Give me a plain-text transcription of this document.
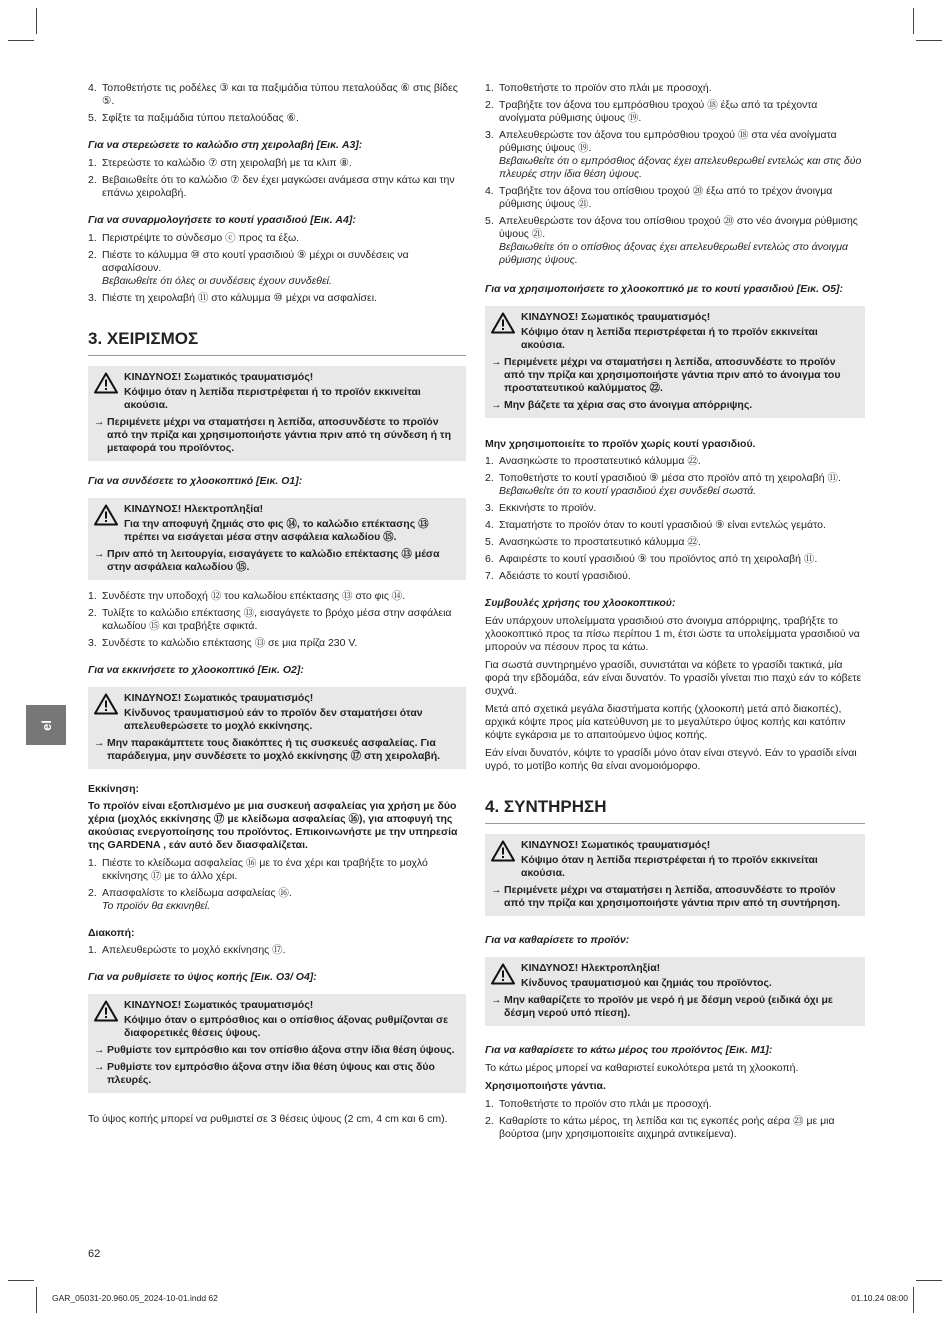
el
4. Τοποθετήστε τις ροδέλες ③ και τα παξιμάδια τύπου πεταλούδας ⑥ στις βίδες ⑤.
5. Σφίξτε τα παξιμάδια τύπου πεταλούδας ⑥.
Για να στερεώσετε το καλώδιο στη χειρολαβή [Εικ. A3]:
1. Στερεώστε το καλώδιο ⑦ στη χειρολαβή με τα κλιπ ⑧.
2. Βεβαιωθείτε ότι το καλώδιο ⑦ δεν έχει μαγκώσει ανάμεσα στην κάτω και την επάνω χειρολαβή.
Για να συναρμολογήσετε το κουτί γρασιδιού [Εικ. A4]:
1. Περιστρέψτε το σύνδεσμο ⓒ προς τα έξω.
2. Πιέστε το κάλυμμα ⑩ στο κουτί γρασιδιού ⑨ μέχρι οι συνδέσεις να ασφαλίσουν.
Βεβαιωθείτε ότι όλες οι συνδέσεις έχουν συνδεθεί.
3. Πιέστε τη χειρολαβή ⑪ στο κάλυμμα ⑩ μέχρι να ασφαλίσει.
3. ΧΕΙΡΙΣΜΟΣ
ΚΙΝΔΥΝΟΣ! Σωματικός τραυματισμός!
Κόψιμο όταν η λεπίδα περιστρέφεται ή το προϊόν εκκινείται ακούσια.
→ Περιμένετε μέχρι να σταματήσει η λεπίδα, αποσυνδέστε το προϊόν από την πρίζα και χρησιμοποιήστε γάντια πριν από τη σύνδεση ή τη μεταφορά του προϊόντος.
Για να συνδέσετε το χλοοκοπτικό [Εικ. O1]:
ΚΙΝΔΥΝΟΣ! Ηλεκτροπληξία!
Για την αποφυγή ζημιάς στο φις ⑭, το καλώδιο επέκτασης ⑬ πρέπει να εισάγεται μέσα στην ασφάλεια καλωδίου ⑮.
→ Πριν από τη λειτουργία, εισαγάγετε το καλώδιο επέκτασης ⑬ μέσα στην ασφάλεια καλωδίου ⑮.
1. Συνδέστε την υποδοχή ⑫ του καλωδίου επέκτασης ⑬ στο φις ⑭.
2. Τυλίξτε το καλώδιο επέκτασης ⑬, εισαγάγετε το βρόχο μέσα στην ασφάλεια καλωδίου ⑮ και τραβήξτε σφικτά.
3. Συνδέστε το καλώδιο επέκτασης ⑬ σε μια πρίζα 230 V.
Για να εκκινήσετε το χλοοκοπτικό [Εικ. O2]:
ΚΙΝΔΥΝΟΣ! Σωματικός τραυματισμός!
Κίνδυνος τραυματισμού εάν το προϊόν δεν σταματήσει όταν απελευθερώσετε το μοχλό εκκίνησης.
→ Μην παρακάμπτετε τους διακόπτες ή τις συσκευές ασφαλείας. Για παράδειγμα, μην συνδέσετε το μοχλό εκκίνησης ⑰ στη χειρολαβή.
Εκκίνηση:
Το προϊόν είναι εξοπλισμένο με μια συσκευή ασφαλείας για χρήση με δύο χέρια (μοχλός εκκίνησης ⑰ με κλείδωμα ασφαλείας ⑯), για αποφυγή της ακούσιας ενεργοποίησης του προϊόντος. Επικοινωνήστε με την υπηρεσία της GARDENA , εάν αυτό δεν διασφαλίζεται.
1. Πιέστε το κλείδωμα ασφαλείας ⑯ με το ένα χέρι και τραβήξτε το μοχλό εκκίνησης ⑰ με το άλλο χέρι.
2. Απασφαλίστε το κλείδωμα ασφαλείας ⑯.
Το προϊόν θα εκκινηθεί.
Διακοπή:
1. Απελευθερώστε το μοχλό εκκίνησης ⑰.
Για να ρυθμίσετε το ύψος κοπής [Εικ. O3/ O4]:
ΚΙΝΔΥΝΟΣ! Σωματικός τραυματισμός!
Κόψιμο όταν ο εμπρόσθιος και ο οπίσθιος άξονας ρυθμίζονται σε διαφορετικές θέσεις ύψους.
→ Ρυθμίστε τον εμπρόσθιο και τον οπίσθιο άξονα στην ίδια θέση ύψους.
→ Ρυθμίστε τον εμπρόσθιο άξονα στην ίδια θέση ύψους και στις δύο πλευρές.
Το ύψος κοπής μπορεί να ρυθμιστεί σε 3 θέσεις ύψους (2 cm, 4 cm και 6 cm).
1. Τοποθετήστε το προϊόν στο πλάι με προσοχή.
2. Τραβήξτε τον άξονα του εμπρόσθιου τροχού ⑱ έξω από τα τρέχοντα ανοίγματα ρύθμισης ύψους ⑲.
3. Απελευθερώστε τον άξονα του εμπρόσθιου τροχού ⑱ στα νέα ανοίγματα ρύθμισης ύψους ⑲.
Βεβαιωθείτε ότι ο εμπρόσθιος άξονας έχει απελευθερωθεί εντελώς και στις δύο πλευρές στην ίδια θέση ύψους.
4. Τραβήξτε τον άξονα του οπίσθιου τροχού ⑳ έξω από το τρέχον άνοιγμα ρύθμισης ύψους ㉑.
5. Απελευθερώστε τον άξονα του οπίσθιου τροχού ⑳ στο νέο άνοιγμα ρύθμισης ύψους ㉑.
Βεβαιωθείτε ότι ο οπίσθιος άξονας έχει απελευθερωθεί εντελώς στο άνοιγμα ρύθμισης ύψους.
Για να χρησιμοποιήσετε το χλοοκοπτικό με το κουτί γρασιδιού [Εικ. O5]:
ΚΙΝΔΥΝΟΣ! Σωματικός τραυματισμός!
Κόψιμο όταν η λεπίδα περιστρέφεται ή το προϊόν εκκινείται ακούσια.
→ Περιμένετε μέχρι να σταματήσει η λεπίδα, αποσυνδέστε το προϊόν από την πρίζα και χρησιμοποιήστε γάντια πριν από το άνοιγμα του προστατευτικού καλύμματος ㉒.
→ Μην βάζετε τα χέρια σας στο άνοιγμα απόρριψης.
Μην χρησιμοποιείτε το προϊόν χωρίς κουτί γρασιδιού.
1. Ανασηκώστε το προστατευτικό κάλυμμα ㉒.
2. Τοποθετήστε το κουτί γρασιδιού ⑨ μέσα στο προϊόν από τη χειρολαβή ⑪.
Βεβαιωθείτε ότι το κουτί γρασιδιού έχει συνδεθεί σωστά.
3. Εκκινήστε το προϊόν.
4. Σταματήστε το προϊόν όταν το κουτί γρασιδιού ⑨ είναι εντελώς γεμάτο.
5. Ανασηκώστε το προστατευτικό κάλυμμα ㉒.
6. Αφαιρέστε το κουτί γρασιδιού ⑨ του προϊόντος από τη χειρολαβή ⑪.
7. Αδειάστε το κουτί γρασιδιού.
Συμβουλές χρήσης του χλοοκοπτικού:
Εάν υπάρχουν υπολείμματα γρασιδιού στο άνοιγμα απόρριψης, τραβήξτε το χλοοκοπτικό προς τα πίσω περίπου 1 m, έτσι ώστε τα υπολείμματα γρασιδιού να μπορούν να πέσουν προς τα κάτω.
Για σωστά συντηρημένο γρασίδι, συνιστάται να κόβετε το γρασίδι τακτικά, μία φορά την εβδομάδα, εάν είναι δυνατόν. Το γρασίδι γίνεται πιο παχύ εάν το κόβετε συχνά.
Μετά από σχετικά μεγάλα διαστήματα κοπής (χλοοκοπή μετά από διακοπές), αρχικά κόψτε προς μία κατεύθυνση με το μεγαλύτερο ύψος κοπής και κατόπιν κόψτε εγκάρσια με το απαιτούμενο ύψος κοπής.
Εάν είναι δυνατόν, κόψτε το γρασίδι μόνο όταν είναι στεγνό. Εάν το γρασίδι είναι υγρό, το μοτίβο κοπής θα είναι ανομοιόμορφο.
4. ΣΥΝΤΗΡΗΣΗ
ΚΙΝΔΥΝΟΣ! Σωματικός τραυματισμός!
Κόψιμο όταν η λεπίδα περιστρέφεται ή το προϊόν εκκινείται ακούσια.
→ Περιμένετε μέχρι να σταματήσει η λεπίδα, αποσυνδέστε το προϊόν από την πρίζα και χρησιμοποιήστε γάντια πριν από τη συντήρηση.
Για να καθαρίσετε το προϊόν:
ΚΙΝΔΥΝΟΣ! Ηλεκτροπληξία!
Κίνδυνος τραυματισμού και ζημιάς του προϊόντος.
→ Μην καθαρίζετε το προϊόν με νερό ή με δέσμη νερού (ειδικά όχι με δέσμη νερού υπό πίεση).
Για να καθαρίσετε το κάτω μέρος του προϊόντος [Εικ. M1]:
Το κάτω μέρος μπορεί να καθαριστεί ευκολότερα μετά τη χλοοκοπή.
Χρησιμοποιήστε γάντια.
1. Τοποθετήστε το προϊόν στο πλάι με προσοχή.
2. Καθαρίστε το κάτω μέρος, τη λεπίδα και τις εγκοπές ροής αέρα ㉓ με μια βούρτσα (μην χρησιμοποιείτε αιχμηρά αντικείμενα).
62
GAR_05031-20.960.05_2024-10-01.indd 62	01.10.24 08:00
